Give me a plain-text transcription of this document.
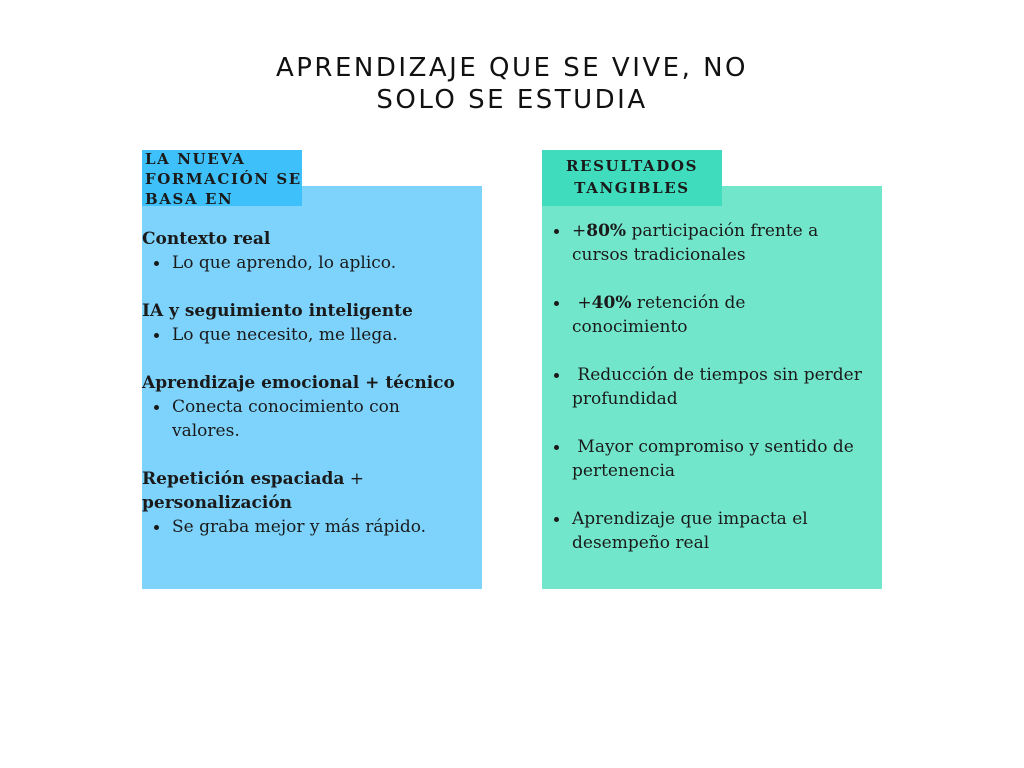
APRENDIZAJE QUE SE VIVE, NO
SOLO SE ESTUDIA
LA NUEVA
FORMACIÓN SE
BASA EN

Contexto real

Lo que aprendo, lo aplico.

IA y seguimiento inteligente

Lo que necesito, me llega.

Aprendizaje emocional + técnico

Conecta conocimiento con valores.

Repetición espaciada +
personalización

Se graba mejor y más rápido.
RESULTADOS
TANGIBLES
+80% participación frente a cursos tradicionales
+40% retención de conocimiento
Reducción de tiempos sin perder profundidad
Mayor compromiso y sentido de pertenencia
Aprendizaje que impacta el desempeño real
